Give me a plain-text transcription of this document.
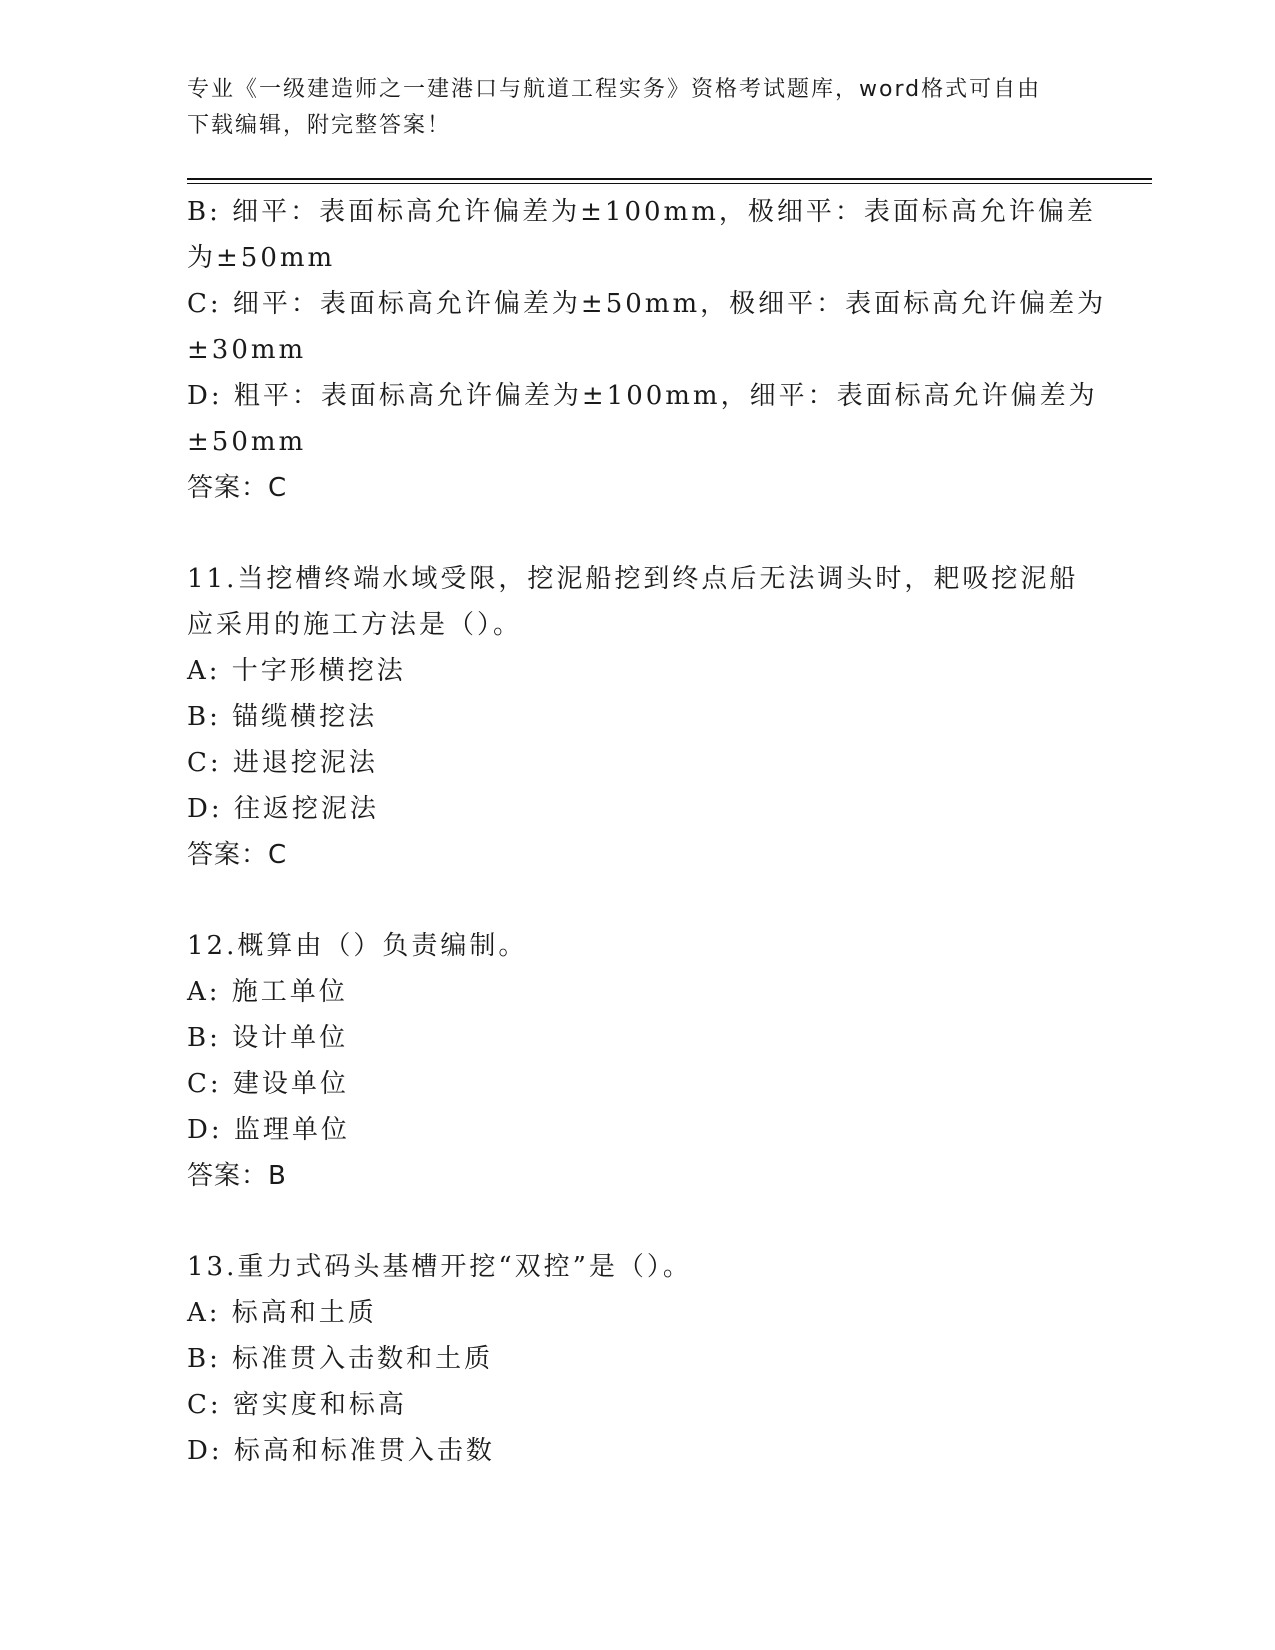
专业《一级建造师之一建港口与航道工程实务》资格考试题库，word格式可自由
下载编辑，附完整答案！
B: 细平：表面标高允许偏差为±100mm，极细平：表面标高允许偏差
为±50mm
C: 细平：表面标高允许偏差为±50mm，极细平：表面标高允许偏差为
±30mm
D: 粗平：表面标高允许偏差为±100mm，细平：表面标高允许偏差为
±50mm
答案：C
11.当挖槽终端水域受限，挖泥船挖到终点后无法调头时，耙吸挖泥船
应采用的施工方法是（）。
A: 十字形横挖法
B: 锚缆横挖法
C: 进退挖泥法
D: 往返挖泥法
答案：C
12.概算由（）负责编制。
A: 施工单位
B: 设计单位
C: 建设单位
D: 监理单位
答案：B
13.重力式码头基槽开挖“双控”是（）。
A: 标高和土质
B: 标准贯入击数和土质
C: 密实度和标高
D: 标高和标准贯入击数
